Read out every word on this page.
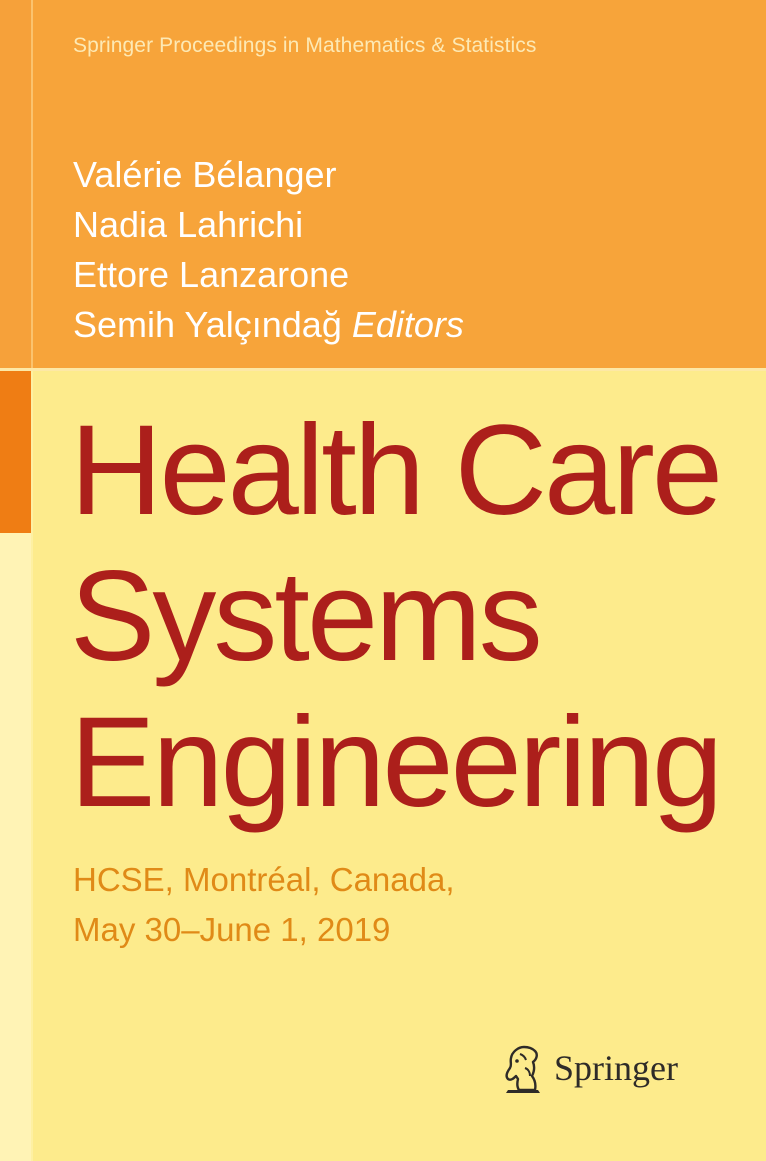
Springer Proceedings in Mathematics & Statistics
Valérie Bélanger
Nadia Lahrichi
Ettore Lanzarone
Semih Yalçındağ Editors
Health Care
Systems
Engineering
HCSE, Montréal, Canada,
May 30–June 1, 2019
Springer
